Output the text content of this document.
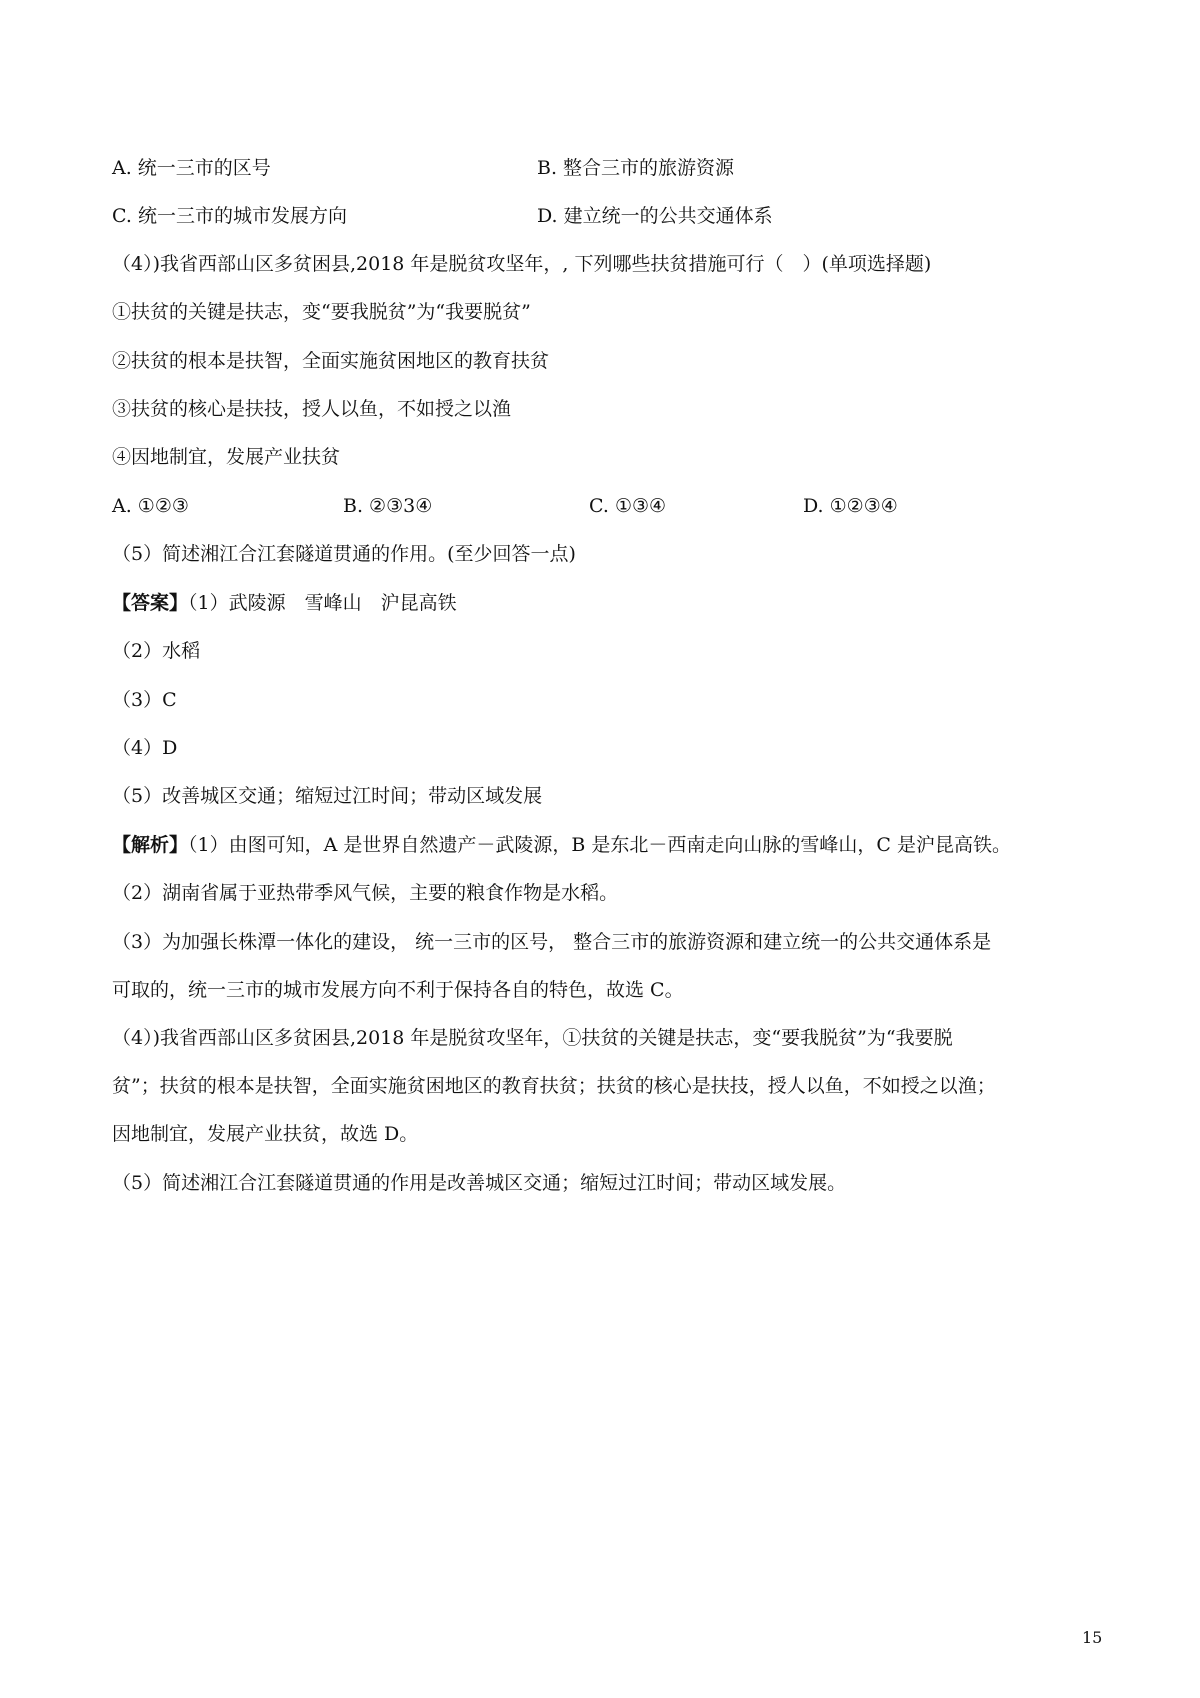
A. 统一三市的区号	B. 整合三市的旅游资源
C. 统一三市的城市发展方向	D. 建立统一的公共交通体系
（4）)我省西部山区多贫困县,2018 年是脱贫攻坚年，, 下列哪些扶贫措施可行（　）(单项选择题)
①扶贫的关键是扶志，变“要我脱贫”为“我要脱贫”
②扶贫的根本是扶智，全面实施贫困地区的教育扶贫
③扶贫的核心是扶技，授人以鱼，不如授之以渔
④因地制宜，发展产业扶贫
A. ①②③	B. ②③3④	C. ①③④	D. ①②③④
（5）简述湘江合江套隧道贯通的作用。(至少回答一点)
【答案】（1）武陵源　雪峰山　沪昆高铁
（2）水稻
（3）C
（4）D
（5）改善城区交通；缩短过江时间；带动区域发展
【解析】（1）由图可知，A 是世界自然遗产－武陵源，B 是东北－西南走向山脉的雪峰山，C 是沪昆高铁。
（2）湖南省属于亚热带季风气候，主要的粮食作物是水稻。
（3）为加强长株潭一体化的建设， 统一三市的区号， 整合三市的旅游资源和建立统一的公共交通体系是
可取的，统一三市的城市发展方向不利于保持各自的特色，故选 C。
（4）)我省西部山区多贫困县,2018 年是脱贫攻坚年，①扶贫的关键是扶志，变“要我脱贫”为“我要脱
贫”；扶贫的根本是扶智，全面实施贫困地区的教育扶贫；扶贫的核心是扶技，授人以鱼，不如授之以渔；
因地制宜，发展产业扶贫，故选 D。
（5）简述湘江合江套隧道贯通的作用是改善城区交通；缩短过江时间；带动区域发展。
15
